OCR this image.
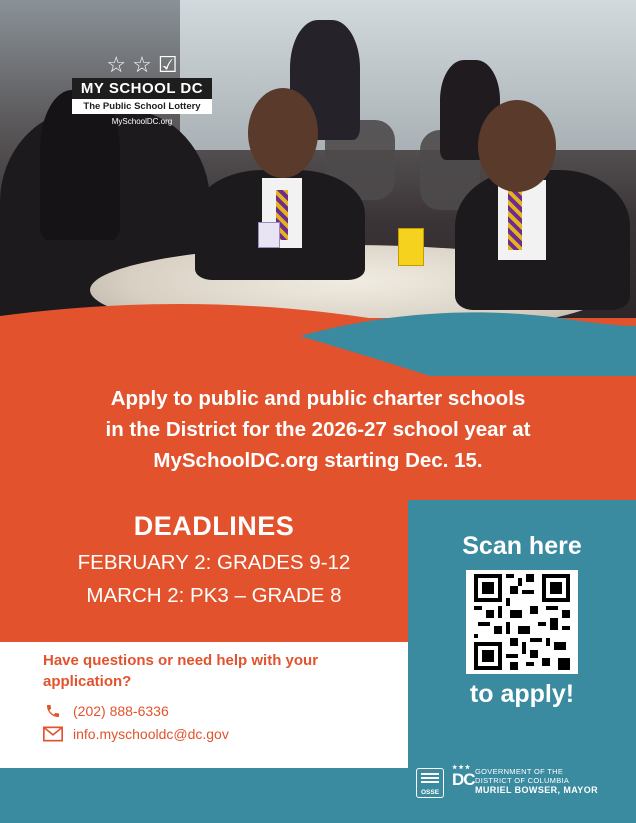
☆ ☆ ☑
MY SCHOOL DC
The Public School Lottery
MySchoolDC.org
Apply to public and public charter schools
in the District for the 2026-27 school year at
MySchoolDC.org starting Dec. 15.
Scan here
to apply!
DEADLINES
FEBRUARY 2: GRADES 9-12
MARCH 2: PK3 – GRADE 8
Have questions or need help with your application?
(202) 888-6336
info.myschooldc@dc.gov
OSSE
★★★
DC GOVERNMENT OF THE
DISTRICT OF COLUMBIA
MURIEL BOWSER, MAYOR
